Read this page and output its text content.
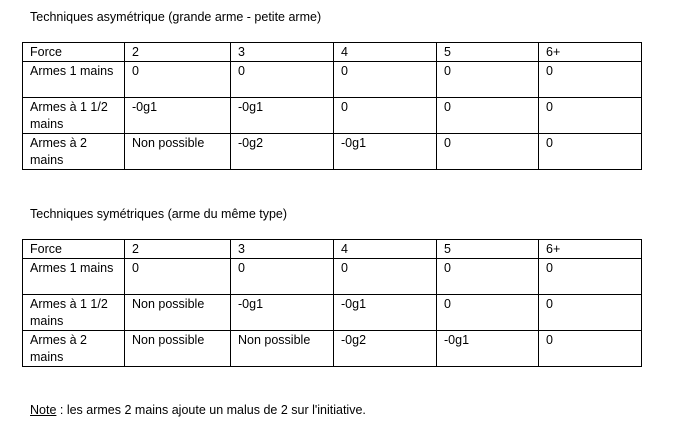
Techniques asymétrique (grande arme - petite arme)

Force	2	3	4	5	6+
Armes 1 mains	0	0	0	0	0
Armes à 1 1/2 mains	-0g1	-0g1	0	0	0
Armes à 2 mains	Non possible	-0g2	-0g1	0	0

Techniques symétriques (arme du même type)

Force	2	3	4	5	6+
Armes 1 mains	0	0	0	0	0
Armes à 1 1/2 mains	Non possible	-0g1	-0g1	0	0
Armes à 2 mains	Non possible	Non possible	-0g2	-0g1	0

Note : les armes 2 mains ajoute un malus de 2 sur l'initiative.
